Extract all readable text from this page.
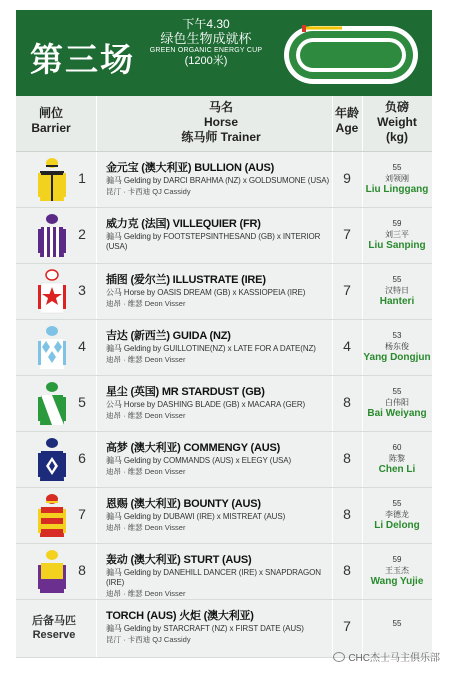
第三场
下午4.30
绿色生物成就杯
GREEN ORGANIC ENERGY CUP
(1200米)
闸位
Barrier
马名
Horse
练马师 Trainer
年龄
Age
负磅
Weight
(kg)
1
金元宝 (澳大利亚) BULLION (AUS)
骟马 Gelding by DARCI BRAHMA (NZ) x GOLDSUMONE (USA)
昆汀 · 卡西迪 QJ Cassidy
9
55
刘领刚
Liu Linggang
2
威力克 (法国) VILLEQUIER (FR)
骟马 Gelding by FOOTSTEPSINTHESAND (GB) x INTERIOR (USA)
7
59
刘三平
Liu Sanping
3
插图 (爱尔兰) ILLUSTRATE (IRE)
公马 Horse by OASIS DREAM (GB) x KASSIOPEIA (IRE)
迪昂 · 维瑟 Deon Visser
7
55
汉特日
Hanteri
4
吉达 (新西兰) GUIDA (NZ)
骟马 Gelding by GUILLOTINE(NZ) x LATE FOR A DATE(NZ)
迪昂 · 维瑟 Deon Visser
4
53
杨东俊
Yang Dongjun
5
星尘 (英国) MR STARDUST (GB)
公马 Horse by DASHING BLADE (GB) x MACARA (GER)
迪昂 · 维瑟 Deon Visser
8
55
白伟阳
Bai Weiyang
6
高梦 (澳大利亚) COMMENGY (AUS)
骟马 Gelding by COMMANDS (AUS) x ELEGY (USA)
迪昂 · 维瑟 Deon Visser
8
60
陈黎
Chen Li
7
恩赐 (澳大利亚) BOUNTY (AUS)
骟马 Gelding by DUBAWI (IRE) x MISTREAT (AUS)
迪昂 · 维瑟 Deon Visser
8
55
李德龙
Li Delong
8
轰动 (澳大利亚) STURT (AUS)
骟马 Gelding by DANEHILL DANCER (IRE) x SNAPDRAGON (IRE)
迪昂 · 维瑟 Deon Visser
8
59
王玉杰
Wang Yujie
后备马匹
Reserve
TORCH (AUS) 火炬 (澳大利亚)
骟马 Gelding by STARCRAFT (NZ) x FIRST DATE (AUS)
昆汀 · 卡西迪 QJ Cassidy
7	55
CHC杰士马主俱乐部
